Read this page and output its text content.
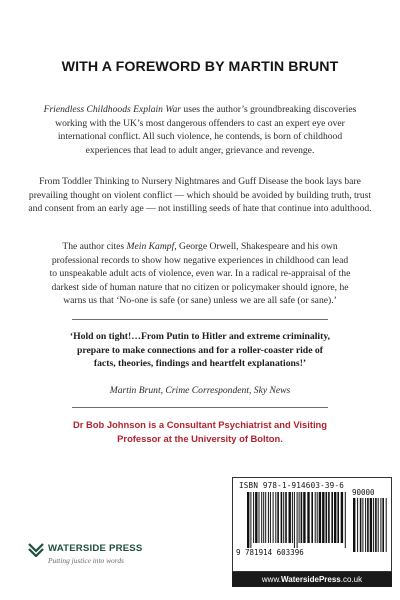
WITH A FOREWORD BY MARTIN BRUNT
Friendless Childhoods Explain War uses the author’s groundbreaking discoveries
working with the UK’s most dangerous offenders to cast an expert eye over
international conflict. All such violence, he contends, is born of childhood
experiences that lead to adult anger, grievance and revenge.
From Toddler Thinking to Nursery Nightmares and Guff Disease the book lays bare
prevailing thought on violent conflict — which should be avoided by building truth, trust
and consent from an early age — not instilling seeds of hate that continue into adulthood.
The author cites Mein Kampf, George Orwell, Shakespeare and his own
professional records to show how negative experiences in childhood can lead
to unspeakable adult acts of violence, even war. In a radical re-appraisal of the
darkest side of human nature that no citizen or policymaker should ignore, he
warns us that ‘No-one is safe (or sane) unless we are all safe (or sane).’
‘Hold on tight!…From Putin to Hitler and extreme criminality,
prepare to make connections and for a roller-coaster ride of
facts, theories, findings and heartfelt explanations!’
Martin Brunt, Crime Correspondent, Sky News
Dr Bob Johnson is a Consultant Psychiatrist and Visiting
Professor at the University of Bolton.
WATERSIDE PRESS
Putting justice into words
ISBN 978-1-914603-39-6
9 781914 603396
90000
www.WatersidePress.co.uk
